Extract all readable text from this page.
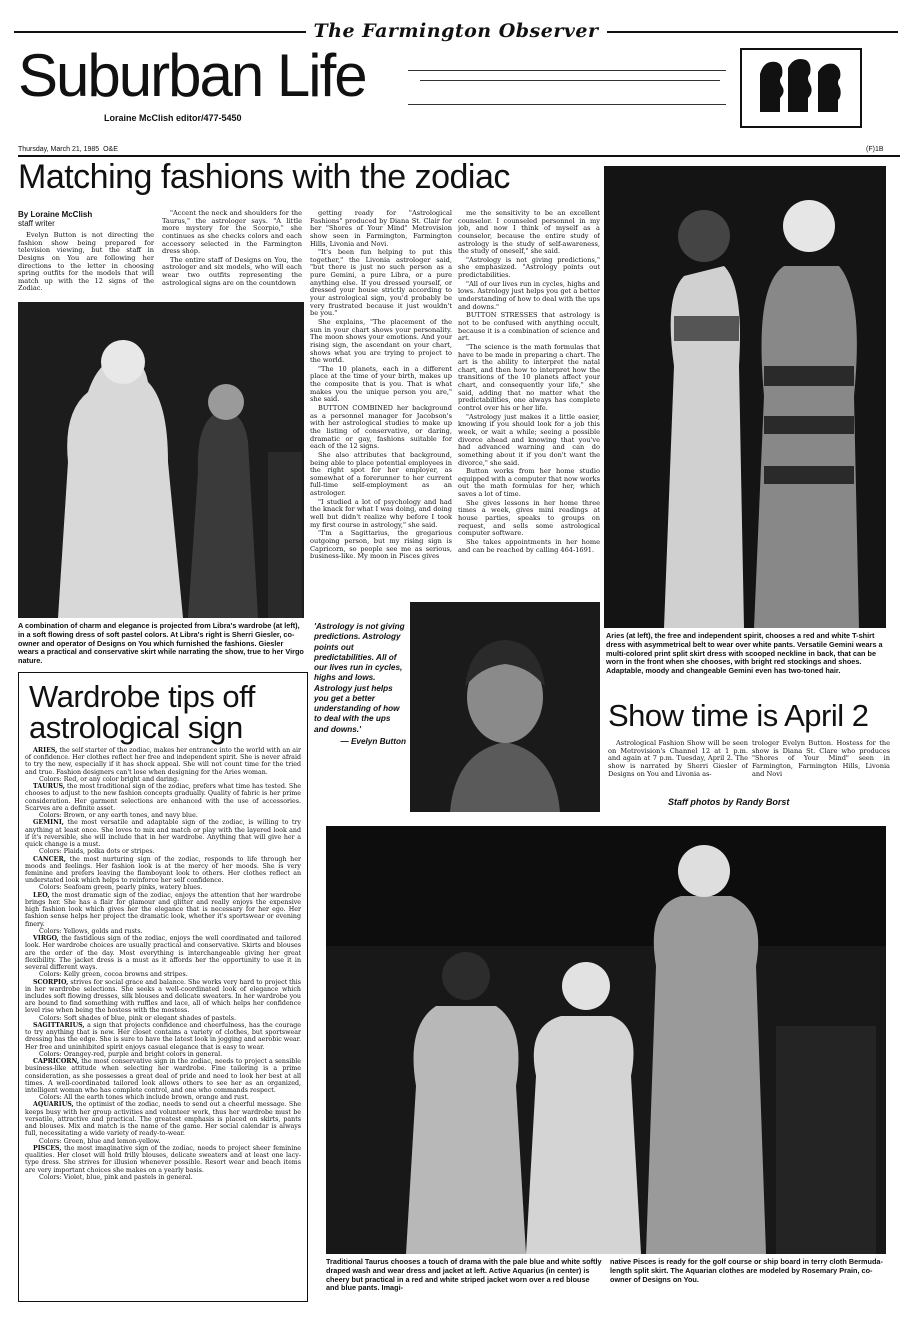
The Farmington Observer
Suburban Life
Loraine McClish editor/477-5450
Thursday, March 21, 1985 O&E	(F)1B
Matching fashions with the zodiac
By Loraine McClish
staff writer

Evelyn Button is not directing the fashion show being prepared for television viewing, but the staff in Designs on You are following her directions to the letter in choosing spring outfits for the models that will match up with the 12 signs of the Zodiac.

"Accent the neck and shoulders for the Taurus," the astrologer says. "A little more mystery for the Scorpio," she continues as she checks colors and each accessory selected in the Farmington dress shop.

The entire staff of Designs on You, the astrologer and six models, who will each wear two outfits representing the astrological signs are on the countdown

A combination of charm and elegance is projected from Libra's wardrobe (at left), in a soft flowing dress of soft pastel colors. At Libra's right is Sherri Giesler, co-owner and operator of Designs on You which furnished the fashions. Giesler wears a practical and conservative skirt while narrating the show, true to her Virgo nature.

getting ready for "Astrological Fashions" produced by Diana St. Clair for her "Shores of Your Mind" Metrovision show seen in Farmington, Farmington Hills, Livonia and Novi.

"It's been fun helping to put this together," the Livonia astrologer said, "but there is just no such person as a pure Gemini, a pure Libra, or a pure anything else. If you dressed yourself, or dressed your house strictly according to your astrological sign, you'd probably be very frustrated because it just wouldn't be you."

She explains, "The placement of the sun in your chart shows your personality. The moon shows your emotions. And your rising sign, the ascendant on your chart, shows what you are trying to project to the world.

"The 10 planets, each in a different place at the time of your birth, makes up the composite that is you. That is what makes you the unique person you are," she said.

BUTTON COMBINED her background as a personnel manager for Jacobson's with her astrological studies to make up the listing of conservative, or daring, dramatic or gay, fashions suitable for each of the 12 signs.

She also attributes that background, being able to place potential employees in the right spot for her employer, as somewhat of a forerunner to her current full-time self-employment as an astrologer.

"I studied a lot of psychology and had the knack for what I was doing, and doing well but didn't realize why before I took my first course in astrology," she said.

"I'm a Sagittarius, the gregarious outgoing person, but my rising sign is Capricorn, so people see me as serious, business-like. My moon in Pisces gives

me the sensitivity to be an excellent counselor. I counseled personnel in my job, and now I think of myself as a counselor, because the entire study of astrology is the study of self-awareness, the study of oneself," she said.

"Astrology is not giving predictions," she emphasized. "Astrology points out predictabilities.

"All of our lives run in cycles, highs and lows. Astrology just helps you get a better understanding of how to deal with the ups and downs."

BUTTON STRESSES that astrology is not to be confused with anything occult, because it is a combination of science and art.

"The science is the math formulas that have to be made in preparing a chart. The art is the ability to interpret the natal chart, and then how to interpret how the transitions of the 10 planets affect your chart, and consequently your life," she said, adding that no matter what the predictabilities, one always has complete control over his or her life.

"Astrology just makes it a little easier, knowing if you should look for a job this week, or wait a while; seeing a possible divorce ahead and knowing that you've had advanced warning and can do something about it if you don't want the divorce," she said.

Button works from her home studio equipped with a computer that now works out the math formulas for her, which saves a lot of time.

She gives lessons in her home three times a week, gives mini readings at house parties, speaks to groups on request, and sells some astrological computer software.

She takes appointments in her home and can be reached by calling 464-1691.

Aries (at left), the free and independent spirit, chooses a red and white T-shirt dress with asymmetrical belt to wear over white pants. Versatile Gemini wears a multi-colored print split skirt dress with scooped neckline in back, that can be worn in the front when she chooses, with bright red stockings and shoes. Adaptable, moody and changeable Gemini even has two-toned hair.
'Astrology is not giving predictions. Astrology points out predictabilities. All of our lives run in cycles, highs and lows. Astrology just helps you get a better understanding of how to deal with the ups and downs.'
— Evelyn Button
Wardrobe tips off astrological sign

ARIES, the self starter of the zodiac, makes her entrance into the world with an air of confidence. Her clothes reflect her free and independent spirit. She is never afraid to try the new, especially if it has shock appeal. She will not count time for the tried and true. Fashion designers can't lose when designing for the Aries woman.

Colors: Red, or any color bright and daring.

TAURUS, the most traditional sign of the zodiac, prefers what time has tested. She chooses to adjust to the new fashion concepts gradually. Quality of fabric is her prime consideration. Her garment selections are enhanced with the use of accessories. Scarves are a definite asset.

Colors: Brown, or any earth tones, and navy blue.

GEMINI, the most versatile and adaptable sign of the zodiac, is willing to try anything at least once. She loves to mix and match or play with the layered look and if it's reversible, she will include that in her wardrobe. Anything that will give her a quick change is a must.

Colors: Plaids, polka dots or stripes.

CANCER, the most nurturing sign of the zodiac, responds to life through her moods and feelings. Her fashion look is at the mercy of her moods. She is very feminine and prefers leaving the flamboyant look to others. Her clothes reflect an understated look which helps to reinforce her self confidence.

Colors: Seafoam green, pearly pinks, watery blues.

LEO, the most dramatic sign of the zodiac, enjoys the attention that her wardrobe brings her. She has a flair for glamour and glitter and really enjoys the expensive high fashion look which gives her the elegance that is necessary for her ego. Her fashion sense helps her project the dramatic look, whether it's sportswear or evening finery.

Colors: Yellows, golds and rusts.

VIRGO, the fastidious sign of the zodiac, enjoys the well coordinated and tailored look. Her wardrobe choices are usually practical and conservative. Skirts and blouses are the order of the day. Most everything is interchangeable giving her great flexibility. The jacket dress is a must as it affords her the opportunity to use it in several different ways.

Colors: Kelly green, cocoa browns and stripes.

SCORPIO, strives for social grace and balance. She works very hard to project this in her wardrobe selections. She seeks a well-coordinated look of elegance which includes soft flowing dresses, silk blouses and delicate sweaters. In her wardrobe you are bound to find something with ruffles and lace, all of which helps her confidence level rise when being the hostess with the mostess.

Colors: Soft shades of blue, pink or elegant shades of pastels.

SAGITTARIUS, a sign that projects confidence and cheerfulness, has the courage to try anything that is new. Her closet contains a variety of clothes, but sportswear dressing has the edge. She is sure to have the latest look in jogging and aerobic wear. Her free and uninhibited spirit enjoys casual elegance that is easy to wear.

Colors: Orangey-red, purple and bright colors in general.

CAPRICORN, the most conservative sign in the zodiac, needs to project a sensible business-like attitude when selecting her wardrobe. Fine tailoring is a prime consideration, as she possesses a great deal of pride and need to look her best at all times. A well-coordinated tailored look allows others to see her as an organized, intelligent woman who has complete control, and one who commands respect.

Colors: All the earth tones which include brown, orange and rust.

AQUARIUS, the optimist of the zodiac, needs to send out a cheerful message. She keeps busy with her group activities and volunteer work, thus her wardrobe must be versatile, attractive and practical. The greatest emphasis is placed on skirts, pants and blouses. Mix and match is the name of the game. Her social calendar is always full, necessitating a wide variety of ready-to-wear.

Colors: Green, blue and lemon-yellow.

PISCES, the most imaginative sign of the zodiac, needs to project sheer feminine qualities. Her closet will hold frilly blouses, delicate sweaters and at least one lacy-type dress. She strives for illusion whenever possible. Resort wear and beach items are very important choices she makes on a yearly basis.

Colors: Violet, blue, pink and pastels in general.

Show time is April 2

Astrological Fashion Show will be seen on Metrovision's Channel 12 at 1 p.m. and again at 7 p.m. Tuesday, April 2. The show is narrated by Sherri Giesler of Designs on You and Livonia as-

trologer Evelyn Button. Hostess for the show is Diana St. Clare who produces "Shores of Your Mind" seen in Farmington, Farmington Hills, Livonia and Novi

Staff photos by Randy Borst
Traditional Taurus chooses a touch of drama with the pale blue and white softly draped wash and wear dress and jacket at left. Active Aquarius (in center) is cheery but practical in a red and white striped jacket worn over a red blouse and blue pants. Imagi-
native Pisces is ready for the golf course or ship board in terry cloth Bermuda-length split skirt. The Aquarian clothes are modeled by Rosemary Prain, co-owner of Designs on You.
